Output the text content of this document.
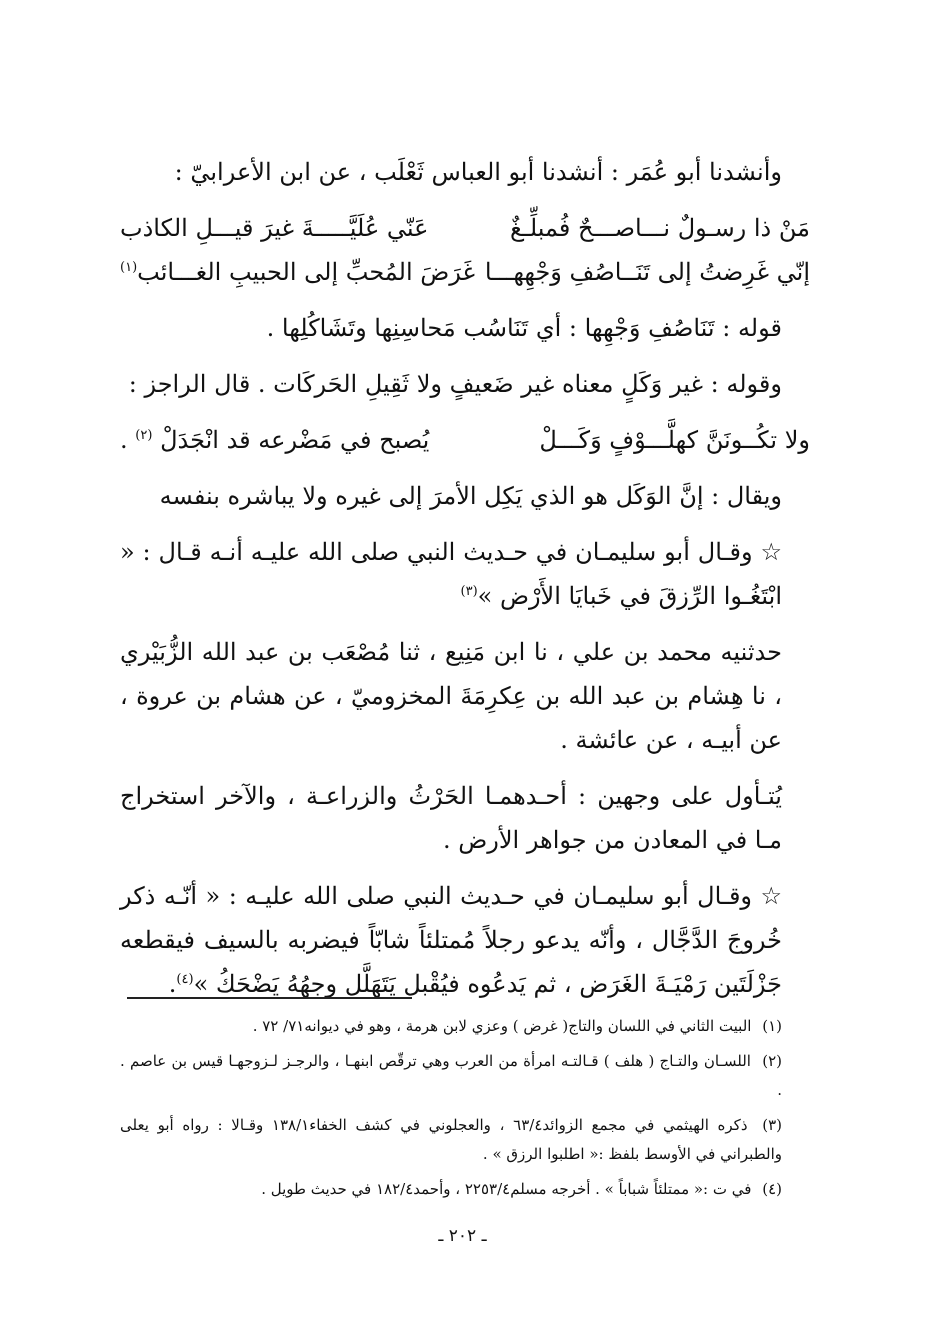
وأنشدنا أبو عُمَر : أنشدنا أبو العباس ثَعْلَب ، عن ابن الأعرابيّ :

مَنْ ذا رسـولٌ نـــاصـــحٌ فُمبلِّـغٌ
عَنّي عُلَيَّـــــةَ غيرَ قيـــلِ الكاذب
إنّي غَرِضتُ إلى تَنَــاصُفِ وَجْهِهـــا
غَرَضَ المُحبِّ إلى الحبيبِ الغـــائب$^{(١)}$

قوله : تَنَاصُفِ وَجْهِها : أي تَنَاسُب مَحاسِنِها وتَشَاكُلِها .

وقوله : غير وَكَلٍ معناه غير ضَعيفٍ ولا ثَقِيلِ الحَركَات . قال الراجز :

ولا تكُــونَنَّ كهلَّـــوْفٍ وَكَـــلْ
يُصبح في مَضْرعه قد انْجَدَلْ $^{(٢)}$ .

ويقال : إنَّ الوَكَل هو الذي يَكِل الأمرَ إلى غيره ولا يباشره بنفسه

☆ وقـال أبو سليمـان في حـديث النبي صلى الله عليـه أنـه قـال : « ابْتَغُـوا الرِّزقَ في خَبايَا الأَرْض »$^{(٣)}$

حدثنيه محمد بن علي ، نا ابن مَنِيع ، ثنا مُصْعَب بن عبد الله الزُّبَيْري ، نا هِشام بن عبد الله بن عِكرِمَةَ المخزوميّ ، عن هشام بن عروة ، عن أبيـه ، عن عائشة .

يُتـأول على وجهين : أحـدهمـا الحَرْثُ والزراعـة ، والآخر استخراج مـا في المعادن من جواهر الأرض .

☆ وقـال أبو سليمـان في حـديث النبي صلى الله عليـه : « أنّـه ذكر خُروجَ الدَّجَّال ، وأنّه يدعو رجلاً مُمتلئاً شابّاً فيضربه بالسيف فيقطعه جَزْلَتَين رَمْيَـةَ الغَرَض ، ثم يَدعُوه فيُقْبل يَتَهَلَّل وجهُهُ يَضْحَكُ »$^{(٤)}$.

(١) البيت الثاني في اللسان والتاج( غرض ) وعزي لابن هرمة ، وهو في ديوانه٧١/ ٧٢ .

(٢) اللسـان والتـاج ( هلف ) قـالتـه امرأة من العرب وهي ترقّص ابنهـا ، والرجـز لـزوجهـا قيس بن عاصم . .

(٣) ذكره الهيثمي في مجمع الزوائد٦٣/٤ ، والعجلوني في كشف الخفاء١٣٨/١ وقـالا : رواه أبو يعلى والطبراني في الأوسط بلفظ :« اطلبوا الرزق » .

(٤) في ت :« ممتلئاً شباباً » . أخرجه مسلم٢٢٥٣/٤ ، وأحمد١٨٢/٤ في حديث طويل .

ـ ٢٠٢ ـ
